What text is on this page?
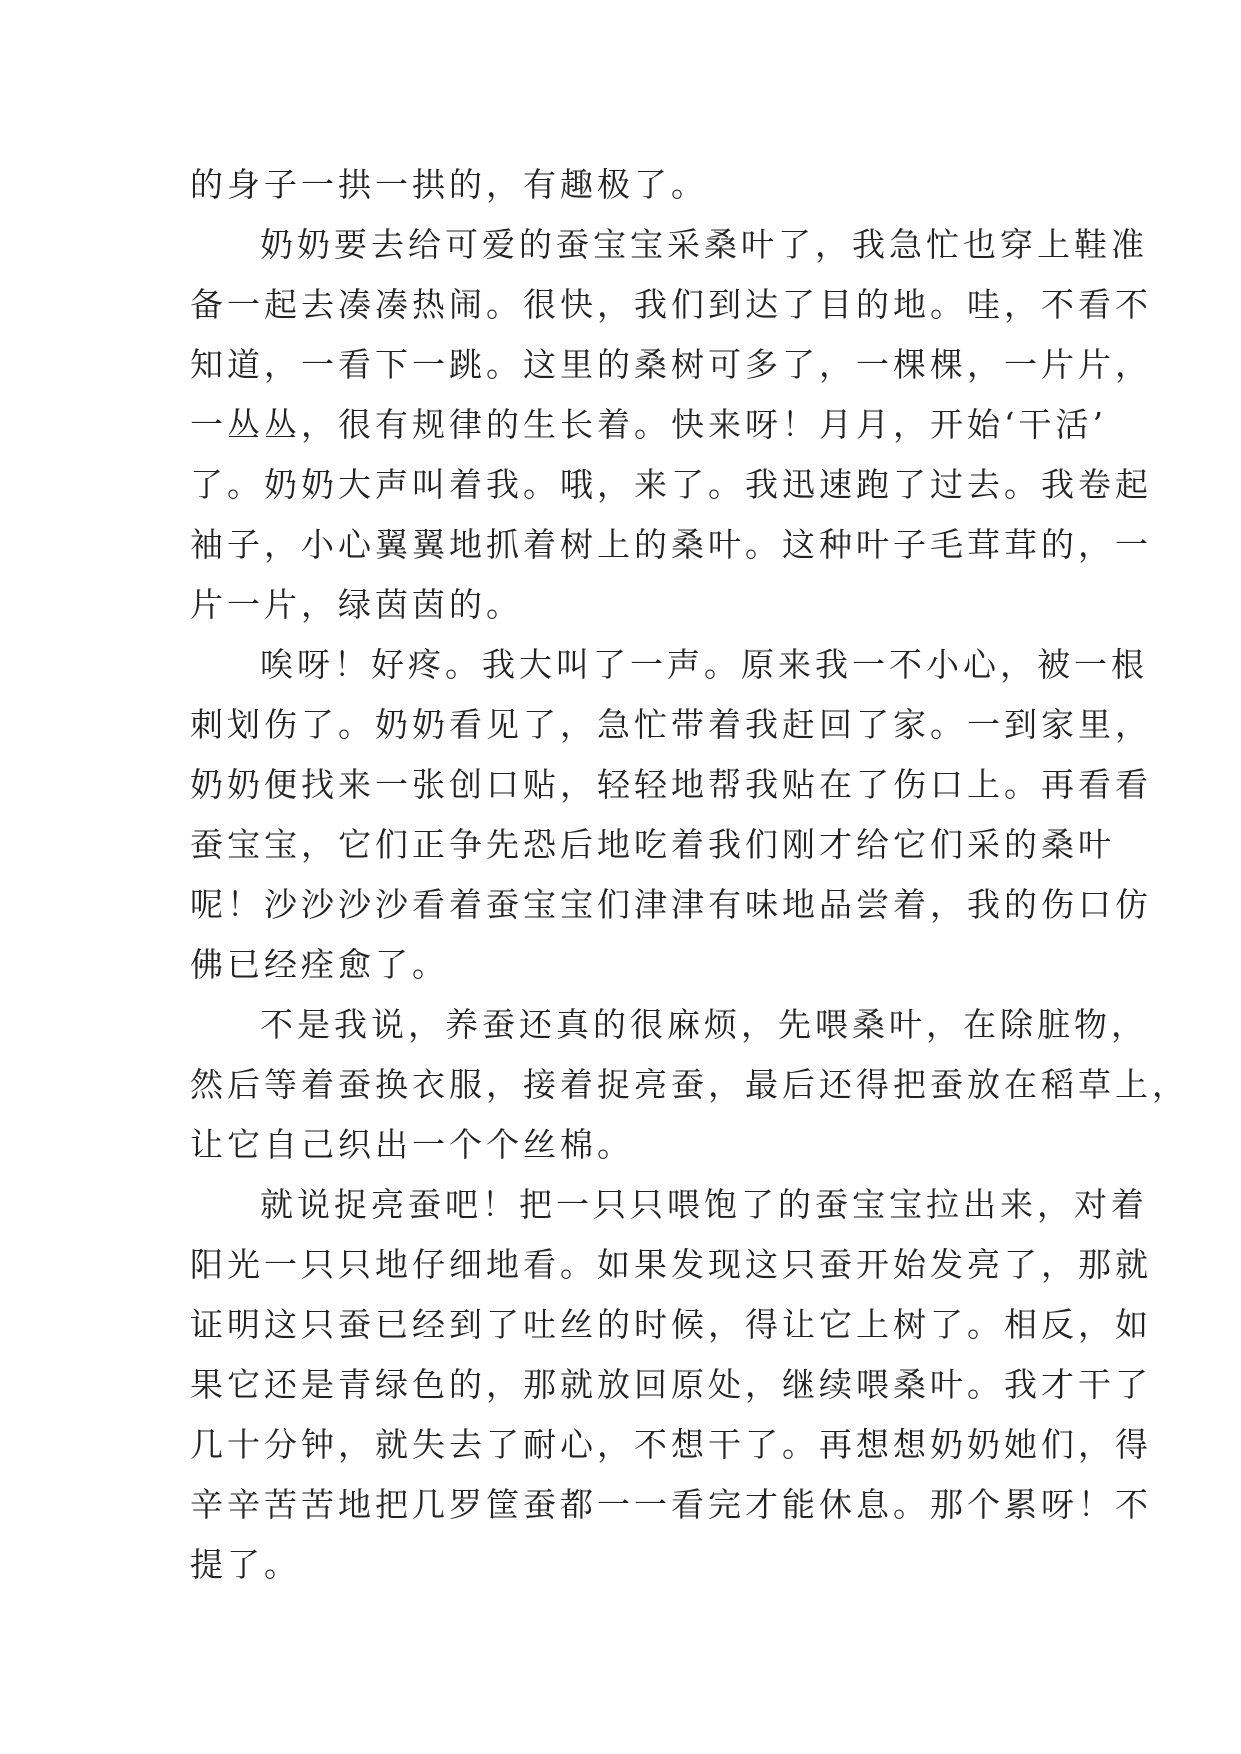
的身子一拱一拱的，有趣极了。
奶奶要去给可爱的蚕宝宝采桑叶了，我急忙也穿上鞋准
备一起去凑凑热闹。很快，我们到达了目的地。哇，不看不
知道，一看下一跳。这里的桑树可多了，一棵棵，一片片，
一丛丛，很有规律的生长着。快来呀！月月，开始‘干活’
了。奶奶大声叫着我。哦，来了。我迅速跑了过去。我卷起
袖子，小心翼翼地抓着树上的桑叶。这种叶子毛茸茸的，一
片一片，绿茵茵的。
唉呀！好疼。我大叫了一声。原来我一不小心，被一根
刺划伤了。奶奶看见了，急忙带着我赶回了家。一到家里，
奶奶便找来一张创口贴，轻轻地帮我贴在了伤口上。再看看
蚕宝宝，它们正争先恐后地吃着我们刚才给它们采的桑叶
呢！沙沙沙沙看着蚕宝宝们津津有味地品尝着，我的伤口仿
佛已经痊愈了。
不是我说，养蚕还真的很麻烦，先喂桑叶，在除脏物，
然后等着蚕换衣服，接着捉亮蚕，最后还得把蚕放在稻草上，
让它自己织出一个个丝棉。
就说捉亮蚕吧！把一只只喂饱了的蚕宝宝拉出来，对着
阳光一只只地仔细地看。如果发现这只蚕开始发亮了，那就
证明这只蚕已经到了吐丝的时候，得让它上树了。相反，如
果它还是青绿色的，那就放回原处，继续喂桑叶。我才干了
几十分钟，就失去了耐心，不想干了。再想想奶奶她们，得
辛辛苦苦地把几罗筐蚕都一一看完才能休息。那个累呀！不
提了。
